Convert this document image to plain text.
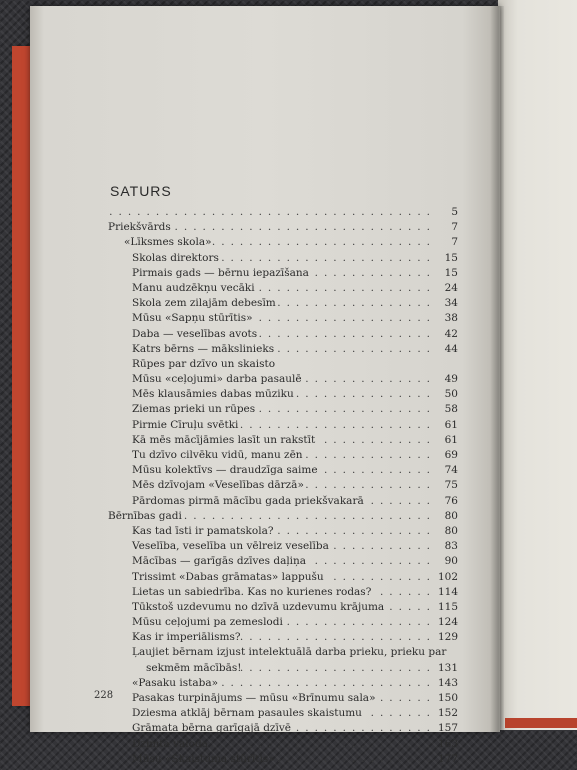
SATURS
................................... 5
Priekšvārds ............................ 7
«Līksmes skola» ........................ 7
Skolas direktors ....................... 15
Pirmais gads — bērnu iepazīšana ............. 15
Manu audzēkņu vecāki ................... 24
Skola zem zilajām debesīm ................. 34
Mūsu «Sapņu stūrītis» ................... 38
Daba — veselības avots ................... 42
Katrs bērns — mākslinieks ................. 44
Rūpes par dzīvo un skaisto
Mūsu «ceļojumi» darba pasaulē .............. 49
Mēs klausāmies dabas mūziku ............... 50
Ziemas prieki un rūpes ................... 58
Pirmie Cīruļu svētki ..................... 61
Kā mēs mācījāmies lasīt un rakstīt ............ 61
Tu dzīvo cilvēku vidū, manu zēn .............. 69
Mūsu kolektīvs — draudzīga saime ............ 74
Mēs dzīvojam «Veselības dārzā» .............. 75
Pārdomas pirmā mācību gada priekšvakarā ....... 76
Bērnības gadi ........................... 80
Kas tad īsti ir pamatskola? ................. 80
Veselība, veselība un vēlreiz veselība ........... 83
Mācības — garīgās dzīves daļiņa ............. 90
Trissimt «Dabas grāmatas» lappušu ........... 102
Lietas un sabiedrība. Kas no kurienes rodas? ...... 114
Tūkstoš uzdevumu no dzīvā uzdevumu krājuma ..... 115
Mūsu ceļojumi pa zemeslodi ................ 124
Kas ir imperiālisms? ..................... 129
Ļaujiet bērnam izjust intelektuālā darba prieku, prieku par
sekmēm mācībās!
..................... 131
«Pasaku istaba» ....................... 143
Pasakas turpinājums — mūsu «Brīnumu sala» ...... 150
Dziesma atklāj bērnam pasaules skaistumu ....... 152
Grāmata bērna garīgajā dzīvē ............... 157
Dzimtā valoda ........................ 163
Mūsu «Skaistuma stūrītis» ................. 177
228
